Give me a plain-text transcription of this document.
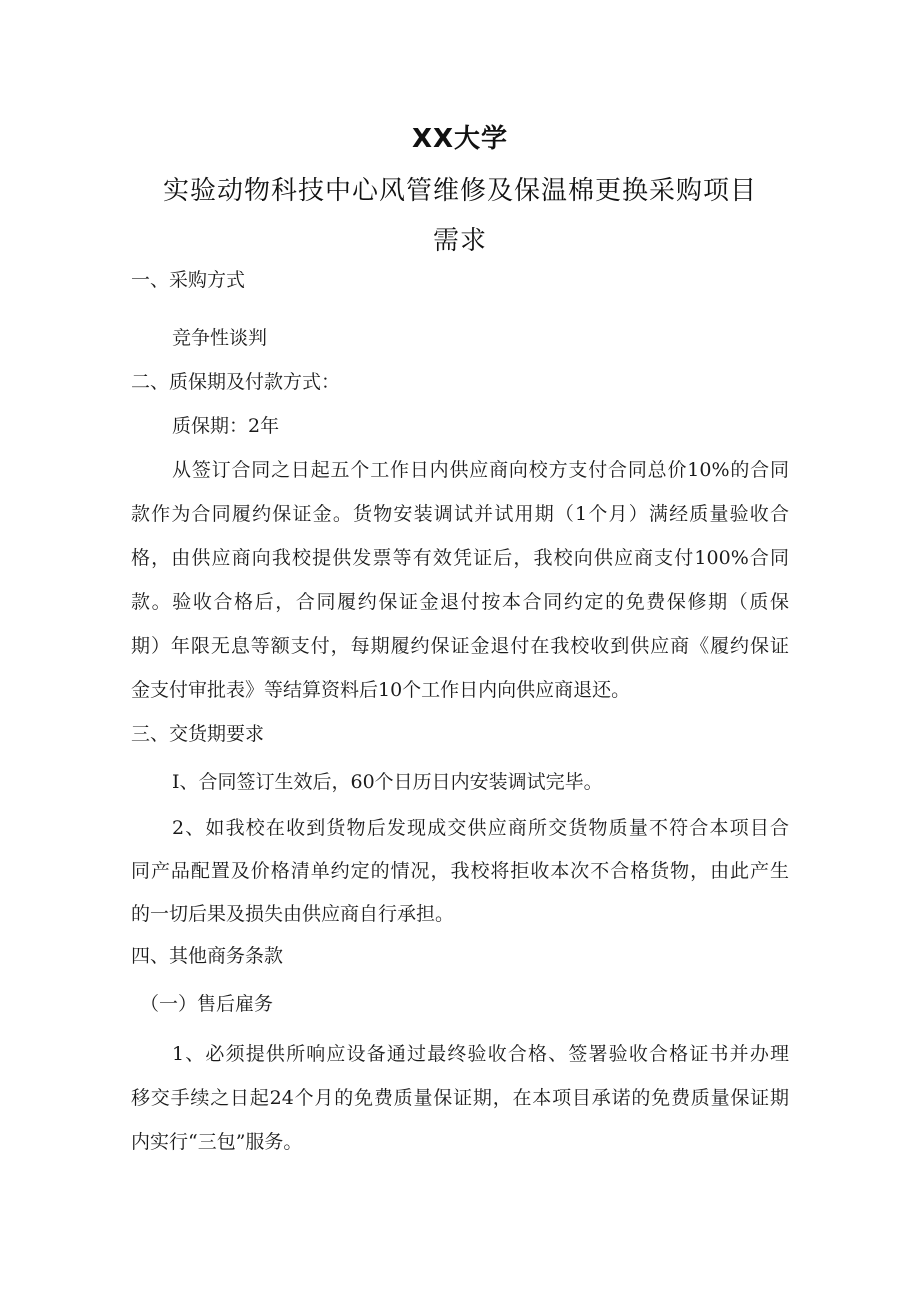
XX大学
实验动物科技中心风管维修及保温棉更换采购项目
需求
一、采购方式
竞争性谈判
二、质保期及付款方式：
质保期：2年
从签订合同之日起五个工作日内供应商向校方支付合同总价10%的合同
款作为合同履约保证金。货物安装调试并试用期（1个月）满经质量验收合
格，由供应商向我校提供发票等有效凭证后，我校向供应商支付100%合同
款。验收合格后，合同履约保证金退付按本合同约定的免费保修期（质保
期）年限无息等额支付，每期履约保证金退付在我校收到供应商《履约保证
金支付审批表》等结算资料后10个工作日内向供应商退还。
三、交货期要求
I、合同签订生效后，60个日历日内安装调试完毕。
2、如我校在收到货物后发现成交供应商所交货物质量不符合本项目合
同产品配置及价格清单约定的情况，我校将拒收本次不合格货物，由此产生
的一切后果及损失由供应商自行承担。
四、其他商务条款
（一）售后雇务
1、必须提供所响应设备通过最终验收合格、签署验收合格证书并办理
移交手续之日起24个月的免费质量保证期，在本项目承诺的免费质量保证期
内实行“三包”服务。
